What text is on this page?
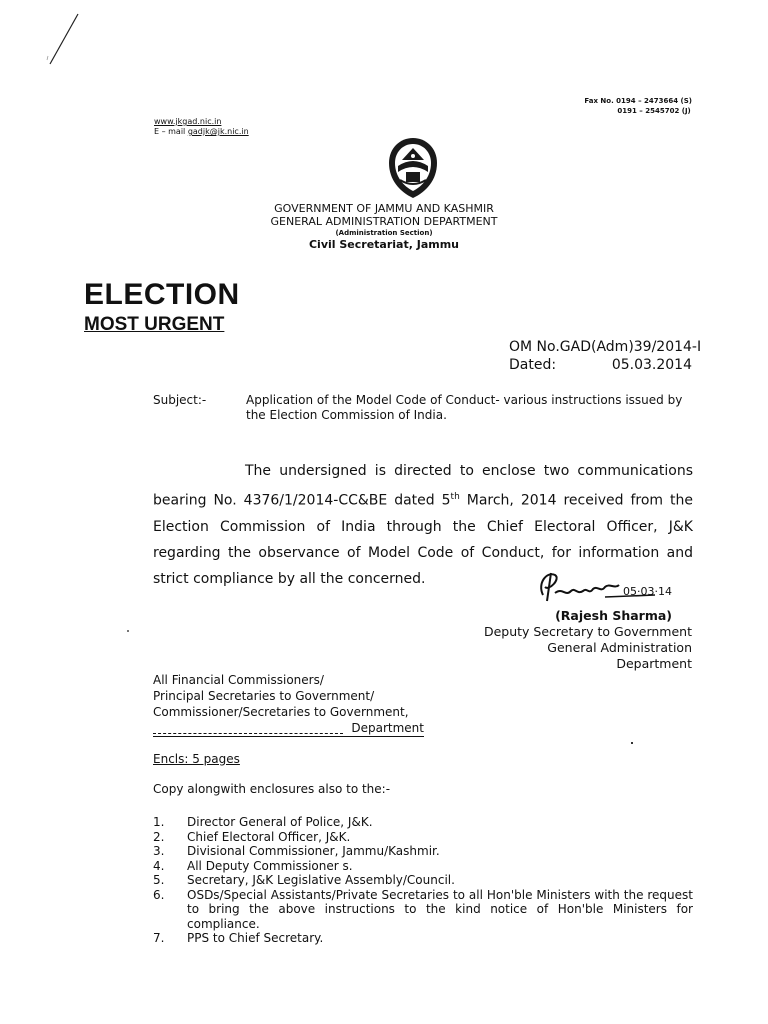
Fax No. 0194 – 2473664 (S)
0191 – 2545702 (J)
www.jkgad.nic.in
E – mail gadjk@jk.nic.in
GOVERNMENT OF JAMMU AND KASHMIR
GENERAL ADMINISTRATION DEPARTMENT
(Administration Section)
Civil Secretariat, Jammu
ELECTION
MOST URGENT
OM No.GAD(Adm)39/2014-I
Dated:	05.03.2014
Subject:-	Application of the Model Code of Conduct- various instructions issued by the Election Commission of India.
The undersigned is directed to enclose two communications bearing No. 4376/1/2014-CC&BE dated 5th March, 2014 received from the Election Commission of India through the Chief Electoral Officer, J&K regarding the observance of Model Code of Conduct, for information and strict compliance by all the concerned.
05·03·14
(Rajesh Sharma)
Deputy Secretary to Government
General Administration Department
All Financial Commissioners/
Principal Secretaries to Government/
Commissioner/Secretaries to Government,
Department
Encls: 5 pages
Copy alongwith enclosures also to the:-
1.	Director General of Police, J&K.
2.	Chief Electoral Officer, J&K.
3.	Divisional Commissioner, Jammu/Kashmir.
4.	All Deputy Commissioner s.
5.	Secretary, J&K Legislative Assembly/Council.
6.	OSDs/Special Assistants/Private Secretaries to all Hon'ble Ministers with the request to bring the above instructions to the kind notice of Hon'ble Ministers for compliance.
7.	PPS to Chief Secretary.
